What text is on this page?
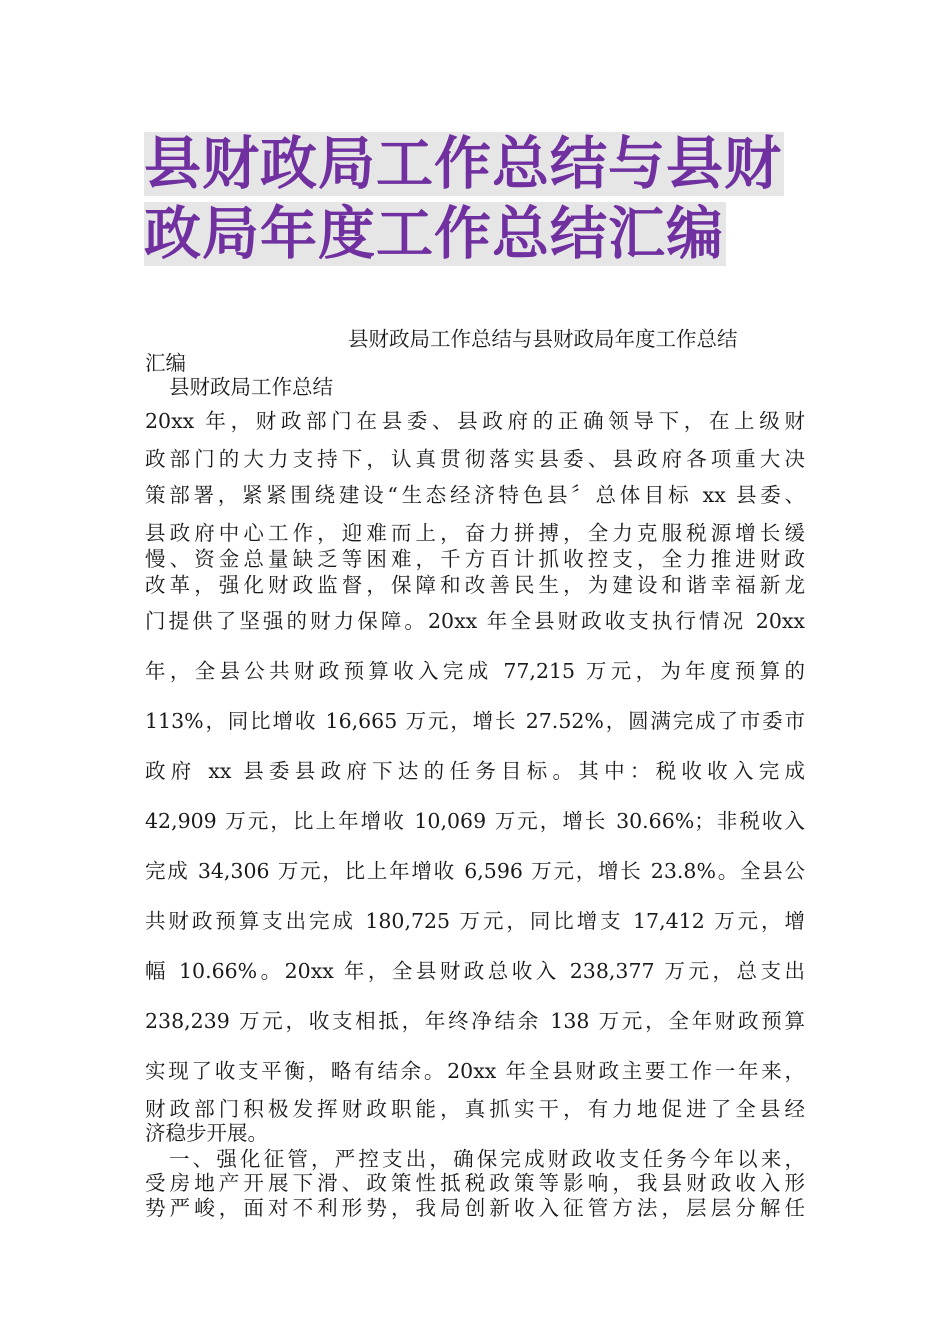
县财政局工作总结与县财
政局年度工作总结汇编
县财政局工作总结与县财政局年度工作总结
汇编
县财政局工作总结
20xx 年，财政部门在县委、县政府的正确领导下，在上级财
政部门的大力支持下，认真贯彻落实县委、县政府各项重大决
策部署，紧紧围绕建设“生态经济特色县〞总体目标 xx 县委、
县政府中心工作，迎难而上，奋力拼搏，全力克服税源增长缓
慢、资金总量缺乏等困难，千方百计抓收控支，全力推进财政
改革，强化财政监督，保障和改善民生，为建设和谐幸福新龙
门提供了坚强的财力保障。20xx 年全县财政收支执行情况 20xx
年，全县公共财政预算收入完成 77,215 万元，为年度预算的
113%，同比增收 16,665 万元，增长 27.52%，圆满完成了市委市
政府 xx 县委县政府下达的任务目标。其中：税收收入完成
42,909 万元，比上年增收 10,069 万元，增长 30.66%；非税收入
完成 34,306 万元，比上年增收 6,596 万元，增长 23.8%。全县公
共财政预算支出完成 180,725 万元，同比增支 17,412 万元，增
幅 10.66%。20xx 年，全县财政总收入 238,377 万元，总支出
238,239 万元，收支相抵，年终净结余 138 万元，全年财政预算
实现了收支平衡，略有结余。20xx 年全县财政主要工作一年来，
财政部门积极发挥财政职能，真抓实干，有力地促进了全县经
济稳步开展。
一、强化征管，严控支出，确保完成财政收支任务今年以来，
受房地产开展下滑、政策性抵税政策等影响，我县财政收入形
势严峻，面对不利形势，我局创新收入征管方法，层层分解任
